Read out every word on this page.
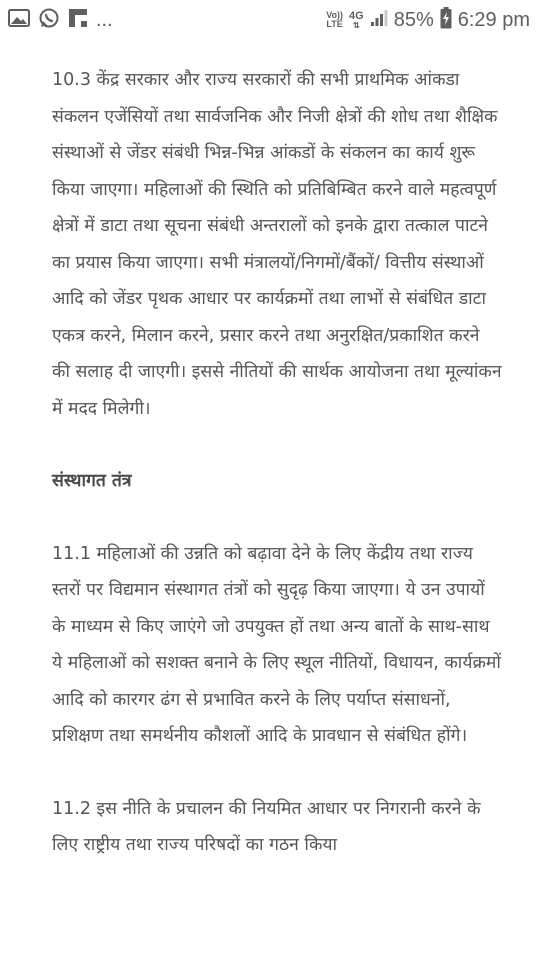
...	Vo))
LTE
4G
⇅ 85% 6:29 pm

10.3 केंद्र सरकार और राज्य सरकारों की सभी प्राथमिक आंकडा संकलन एजेंसियों तथा सार्वजनिक और निजी क्षेत्रों की शोध तथा शैक्षिक संस्थाओं से जेंडर संबंधी भिन्न-भिन्न आंकडों के संकलन का कार्य शुरू किया जाएगा। महिलाओं की स्थिति को प्रतिबिम्बित करने वाले महत्वपूर्ण क्षेत्रों में डाटा तथा सूचना संबंधी अन्तरालों को इनके द्वारा तत्काल पाटने का प्रयास किया जाएगा। सभी मंत्रालयों/निगमों/बैंकों/ वित्तीय संस्थाओं आदि को जेंडर पृथक आधार पर कार्यक्रमों तथा लाभों से संबंधित डाटा एकत्र करने, मिलान करने, प्रसार करने तथा अनुरक्षित/प्रकाशित करने की सलाह दी जाएगी। इससे नीतियों की सार्थक आयोजना तथा मूल्यांकन में मदद मिलेगी।

संस्थागत तंत्र

11.1 महिलाओं की उन्नति को बढ़ावा देने के लिए केंद्रीय तथा राज्य स्तरों पर विद्यमान संस्थागत तंत्रों को सुदृढ़ किया जाएगा। ये उन उपायों के माध्यम से किए जाएंगे जो उपयुक्त हों तथा अन्य बातों के साथ-साथ ये महिलाओं को सशक्त बनाने के लिए स्थूल नीतियों, विधायन, कार्यक्रमों आदि को कारगर ढंग से प्रभावित करने के लिए पर्याप्त संसाधनों, प्रशिक्षण तथा समर्थनीय कौशलों आदि के प्रावधान से संबंधित होंगे।

11.2 इस नीति के प्रचालन की नियमित आधार पर निगरानी करने के लिए राष्ट्रीय तथा राज्य परिषदों का गठन किया
